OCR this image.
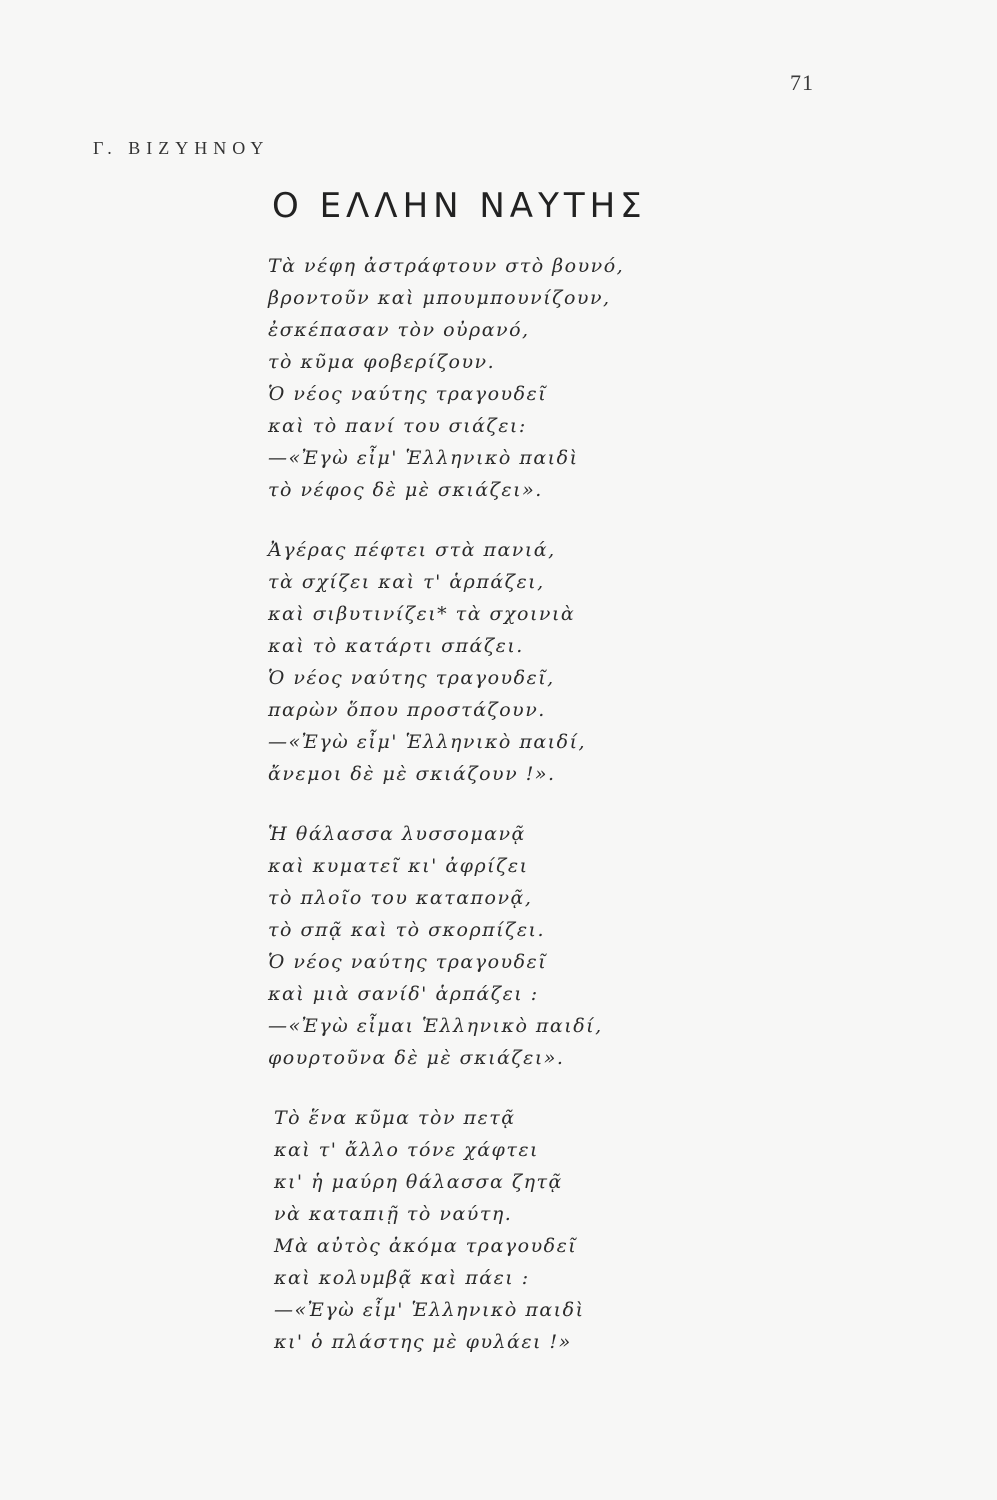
71
Γ. ΒΙΖΥΗΝΟΥ
Ο ΕΛΛΗΝ ΝΑΥΤΗΣ
Τὰ νέφη ἀστράφτουν στὸ βουνό,
βροντοῦν καὶ μπουμπουνίζουν,
ἐσκέπασαν τὸν οὐρανό,
τὸ κῦμα φοβερίζουν.
Ὁ νέος ναύτης τραγουδεῖ
καὶ τὸ πανί του σιάζει:
—«Ἐγὼ εἶμ' Ἑλληνικὸ παιδὶ
τὸ νέφος δὲ μὲ σκιάζει».
Ἀγέρας πέφτει στὰ πανιά,
τὰ σχίζει καὶ τ' ἁρπάζει,
καὶ σιβυτινίζει* τὰ σχοινιὰ
καὶ τὸ κατάρτι σπάζει.
Ὁ νέος ναύτης τραγουδεῖ,
παρὼν ὅπου προστάζουν.
—«Ἐγὼ εἶμ' Ἑλληνικὸ παιδί,
ἄνεμοι δὲ μὲ σκιάζουν !».
Ἡ θάλασσα λυσσομανᾷ
καὶ κυματεῖ κι' ἀφρίζει
τὸ πλοῖο του καταπονᾷ,
τὸ σπᾷ καὶ τὸ σκορπίζει.
Ὁ νέος ναύτης τραγουδεῖ
καὶ μιὰ σανίδ' ἁρπάζει :
—«Ἐγὼ εἶμαι Ἑλληνικὸ παιδί,
φουρτοῦνα δὲ μὲ σκιάζει».
Τὸ ἕνα κῦμα τὸν πετᾷ
καὶ τ' ἄλλο τόνε χάφτει
κι' ἡ μαύρη θάλασσα ζητᾷ
νὰ καταπιῇ τὸ ναύτη.
Μὰ αὐτὸς ἀκόμα τραγουδεῖ
καὶ κολυμβᾷ καὶ πάει :
—«Ἐγὼ εἶμ' Ἑλληνικὸ παιδὶ
κι' ὁ πλάστης μὲ φυλάει !»
